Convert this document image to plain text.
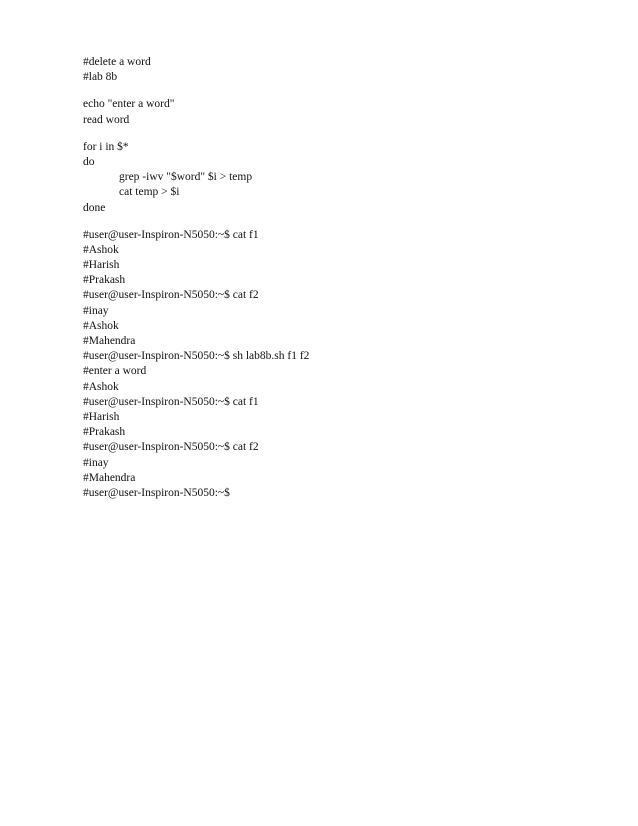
#delete a word
#lab 8b
echo "enter a word"
read word
for i in $*
do
grep -iwv "$word" $i > temp
cat temp > $i
done
#user@user-Inspiron-N5050:~$ cat f1
#Ashok
#Harish
#Prakash
#user@user-Inspiron-N5050:~$ cat f2
#inay
#Ashok
#Mahendra
#user@user-Inspiron-N5050:~$ sh lab8b.sh f1 f2
#enter a word
#Ashok
#user@user-Inspiron-N5050:~$ cat f1
#Harish
#Prakash
#user@user-Inspiron-N5050:~$ cat f2
#inay
#Mahendra
#user@user-Inspiron-N5050:~$
